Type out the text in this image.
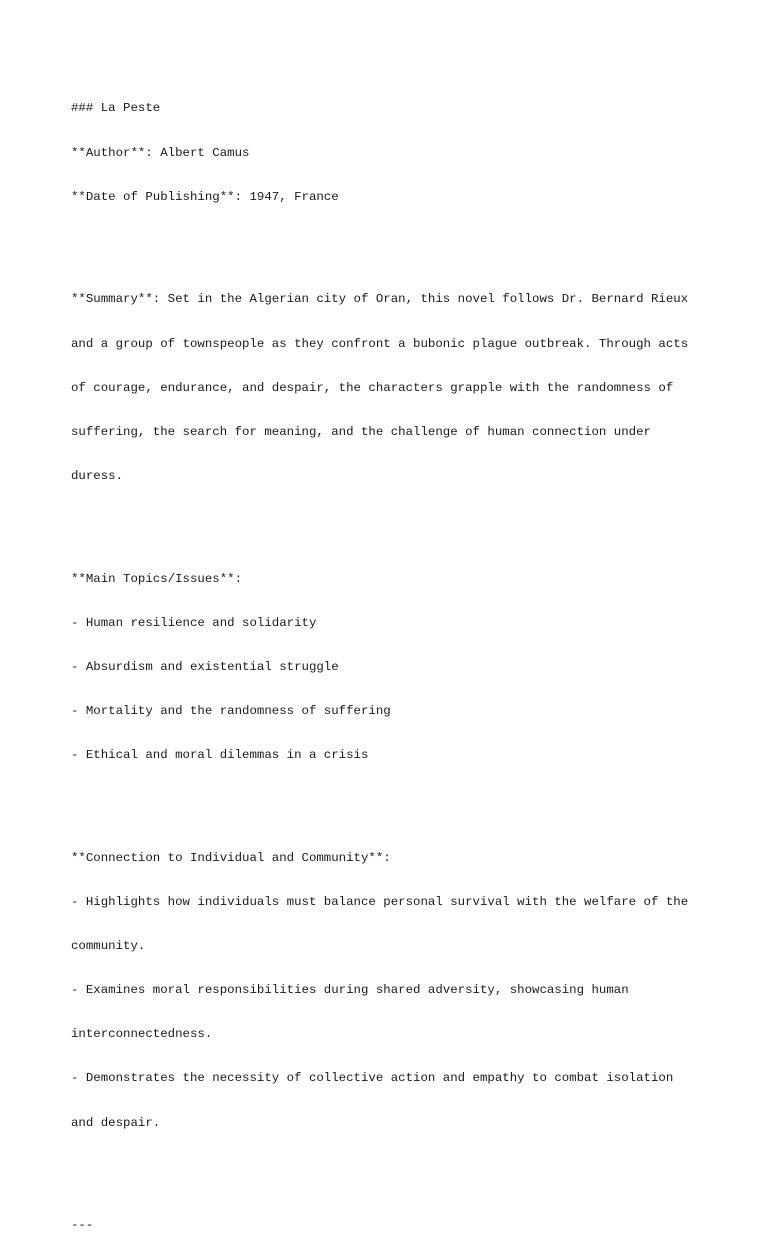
### La Peste

**Author**: Albert Camus

**Date of Publishing**: 1947, France

**Summary**: Set in the Algerian city of Oran, this novel follows Dr. Bernard Rieux

and a group of townspeople as they confront a bubonic plague outbreak. Through acts

of courage, endurance, and despair, the characters grapple with the randomness of

suffering, the search for meaning, and the challenge of human connection under

duress.

**Main Topics/Issues**:

- Human resilience and solidarity

- Absurdism and existential struggle

- Mortality and the randomness of suffering

- Ethical and moral dilemmas in a crisis

**Connection to Individual and Community**:

- Highlights how individuals must balance personal survival with the welfare of the

community.

- Examines moral responsibilities during shared adversity, showcasing human

interconnectedness.

- Demonstrates the necessity of collective action and empathy to combat isolation

and despair.

---
